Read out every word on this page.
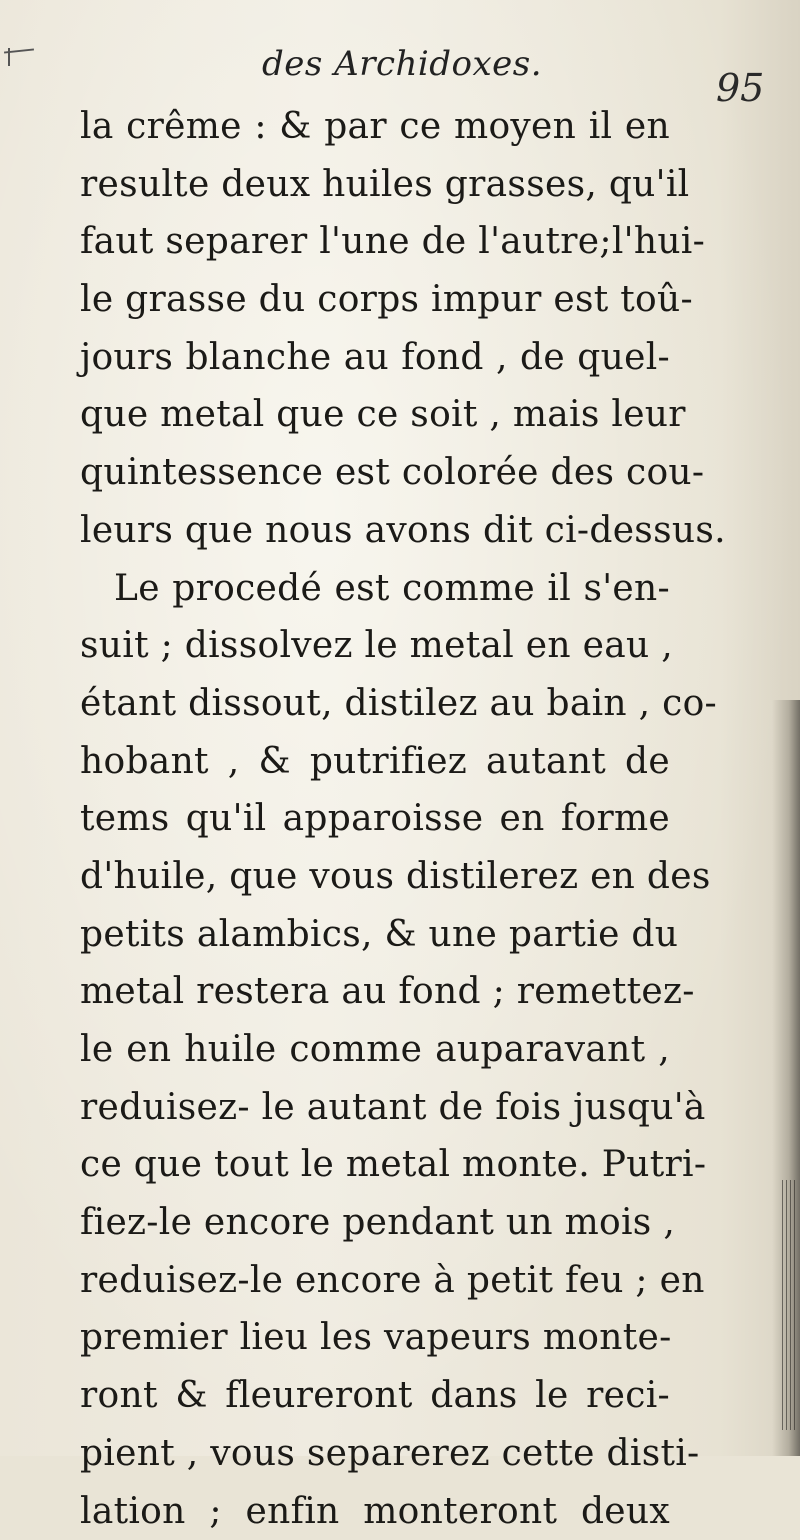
des Archidoxes.
95
la crême : & par ce moyen il en
resulte deux huiles grasses, qu'il
faut separer l'une de l'autre;l'hui-
le grasse du corps impur est toû-
jours blanche au fond , de quel-
que metal que ce soit , mais leur
quintessence est colorée des cou-
leurs que nous avons dit ci-dessus.
Le procedé est comme il s'en-
suit ; dissolvez le metal en eau ,
étant dissout, distilez au bain , co-
hobant , & putrifiez autant de
tems qu'il apparoisse en forme
d'huile, que vous distilerez en des
petits alambics, & une partie du
metal restera au fond ; remettez-
le en huile comme auparavant ,
reduisez- le autant de fois jusqu'à
ce que tout le metal monte. Putri-
fiez-le encore pendant un mois ,
reduisez-le encore à petit feu ; en
premier lieu les vapeurs monte-
ront & fleureront dans le reci-
pient , vous separerez cette disti-
lation ; enfin monteront deux
